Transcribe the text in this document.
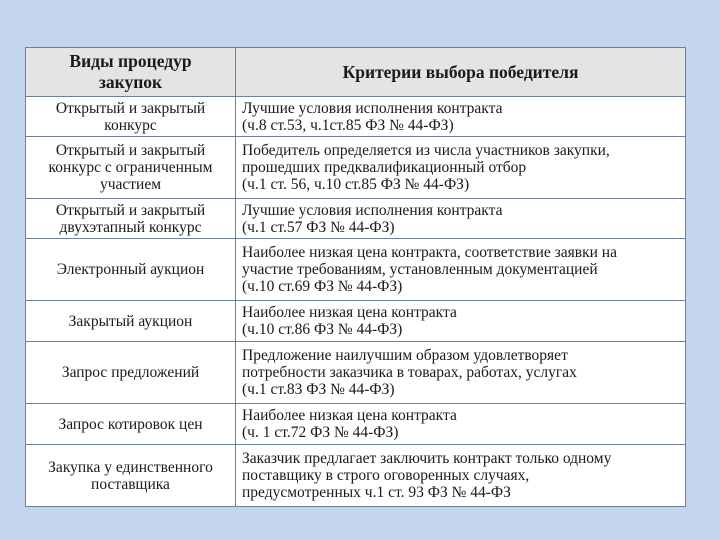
Виды процедур
закупок	Критерии выбора победителя

Открытый и закрытый
конкурс	Лучшие условия исполнения контракта
(ч.8 ст.53, ч.1ст.85 ФЗ № 44-ФЗ)

Открытый и закрытый
конкурс с ограниченным
участием	Победитель определяется из числа участников закупки,
прошедших предквалификационный отбор
(ч.1 ст. 56, ч.10 ст.85 ФЗ № 44-ФЗ)

Открытый и закрытый
двухэтапный конкурс	Лучшие условия исполнения контракта
(ч.1 ст.57 ФЗ № 44-ФЗ)

Электронный аукцион	Наиболее низкая цена контракта, соответствие заявки на
участие требованиям, установленным документацией
(ч.10 ст.69 ФЗ № 44-ФЗ)

Закрытый аукцион	Наиболее низкая цена контракта
(ч.10 ст.86 ФЗ № 44-ФЗ)

Запрос предложений	Предложение наилучшим образом удовлетворяет
потребности заказчика в товарах, работах, услугах
(ч.1 ст.83 ФЗ № 44-ФЗ)

Запрос котировок цен	Наиболее низкая цена контракта
(ч. 1 ст.72 ФЗ № 44-ФЗ)

Закупка у единственного
поставщика	Заказчик предлагает заключить контракт только одному
поставщику в строго оговоренных случаях,
предусмотренных ч.1 ст. 93 ФЗ № 44-ФЗ
